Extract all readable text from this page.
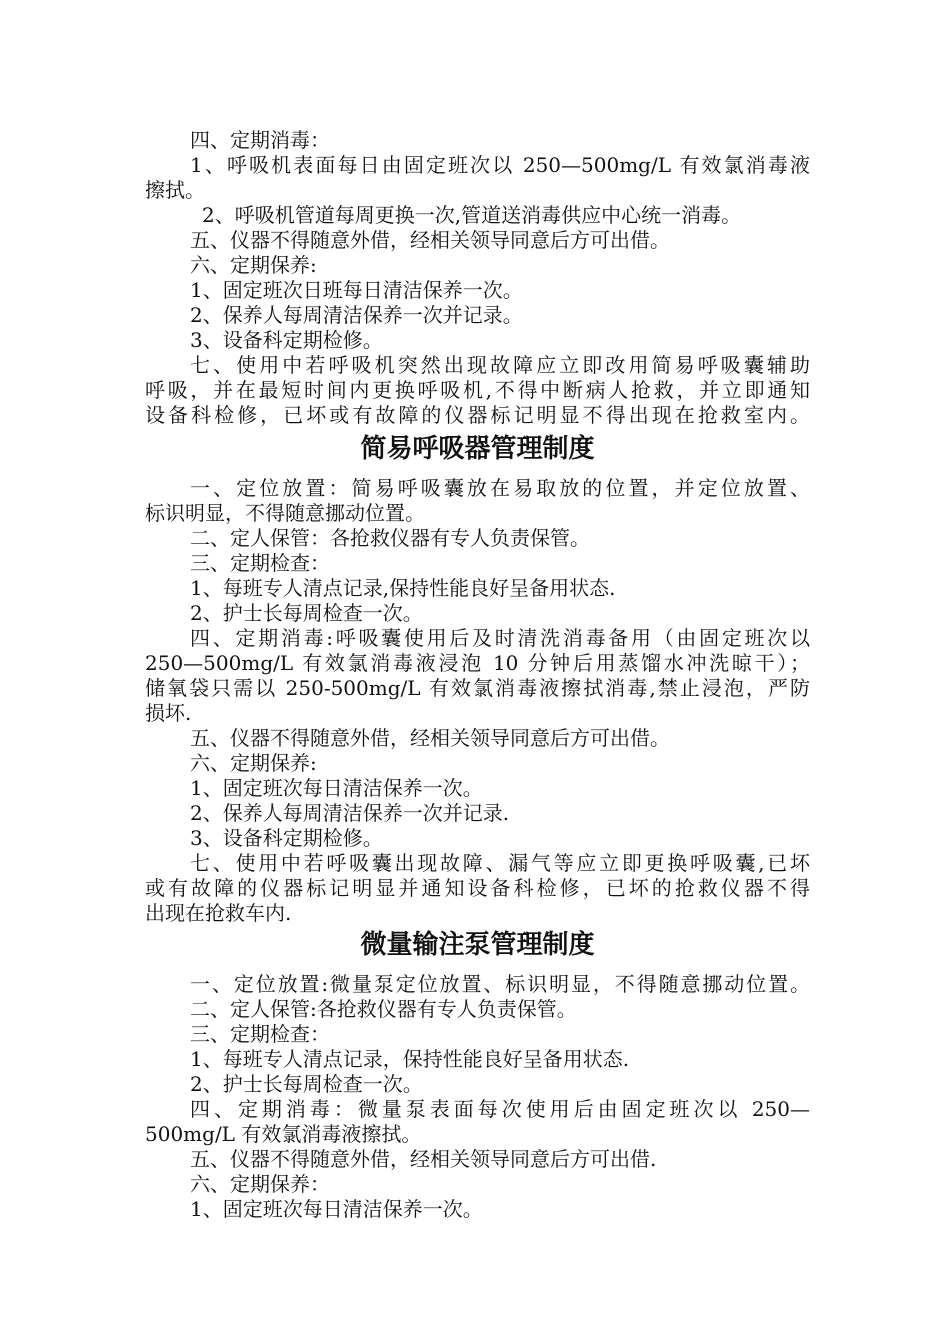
四、定期消毒：
1、呼吸机表面每日由固定班次以 250—500mg/L 有效氯消毒液
擦拭。
2、呼吸机管道每周更换一次,管道送消毒供应中心统一消毒。
五、仪器不得随意外借，经相关领导同意后方可出借。
六、定期保养:
1、固定班次日班每日清洁保养一次。
2、保养人每周清洁保养一次并记录。
3、设备科定期检修。
七、使用中若呼吸机突然出现故障应立即改用简易呼吸囊辅助
呼吸，并在最短时间内更换呼吸机,不得中断病人抢救，并立即通知
设备科检修，已坏或有故障的仪器标记明显不得出现在抢救室内。
简易呼吸器管理制度
一、定位放置：简易呼吸囊放在易取放的位置，并定位放置、
标识明显，不得随意挪动位置。
二、定人保管：各抢救仪器有专人负责保管。
三、定期检查：
1、每班专人清点记录,保持性能良好呈备用状态.
2、护士长每周检查一次。
四、定期消毒:呼吸囊使用后及时清洗消毒备用（由固定班次以
250—500mg/L 有效氯消毒液浸泡 10 分钟后用蒸馏水冲洗晾干）；
储氧袋只需以 250-500mg/L 有效氯消毒液擦拭消毒,禁止浸泡，严防
损坏.
五、仪器不得随意外借，经相关领导同意后方可出借。
六、定期保养:
1、固定班次每日清洁保养一次。
2、保养人每周清洁保养一次并记录.
3、设备科定期检修。
七、使用中若呼吸囊出现故障、漏气等应立即更换呼吸囊,已坏
或有故障的仪器标记明显并通知设备科检修，已坏的抢救仪器不得
出现在抢救车内.
微量输注泵管理制度
一、定位放置:微量泵定位放置、标识明显，不得随意挪动位置。
二、定人保管:各抢救仪器有专人负责保管。
三、定期检查：
1、每班专人清点记录，保持性能良好呈备用状态.
2、护士长每周检查一次。
四、定期消毒：微量泵表面每次使用后由固定班次以 250—
500mg/L 有效氯消毒液擦拭。
五、仪器不得随意外借，经相关领导同意后方可出借.
六、定期保养：
1、固定班次每日清洁保养一次。
